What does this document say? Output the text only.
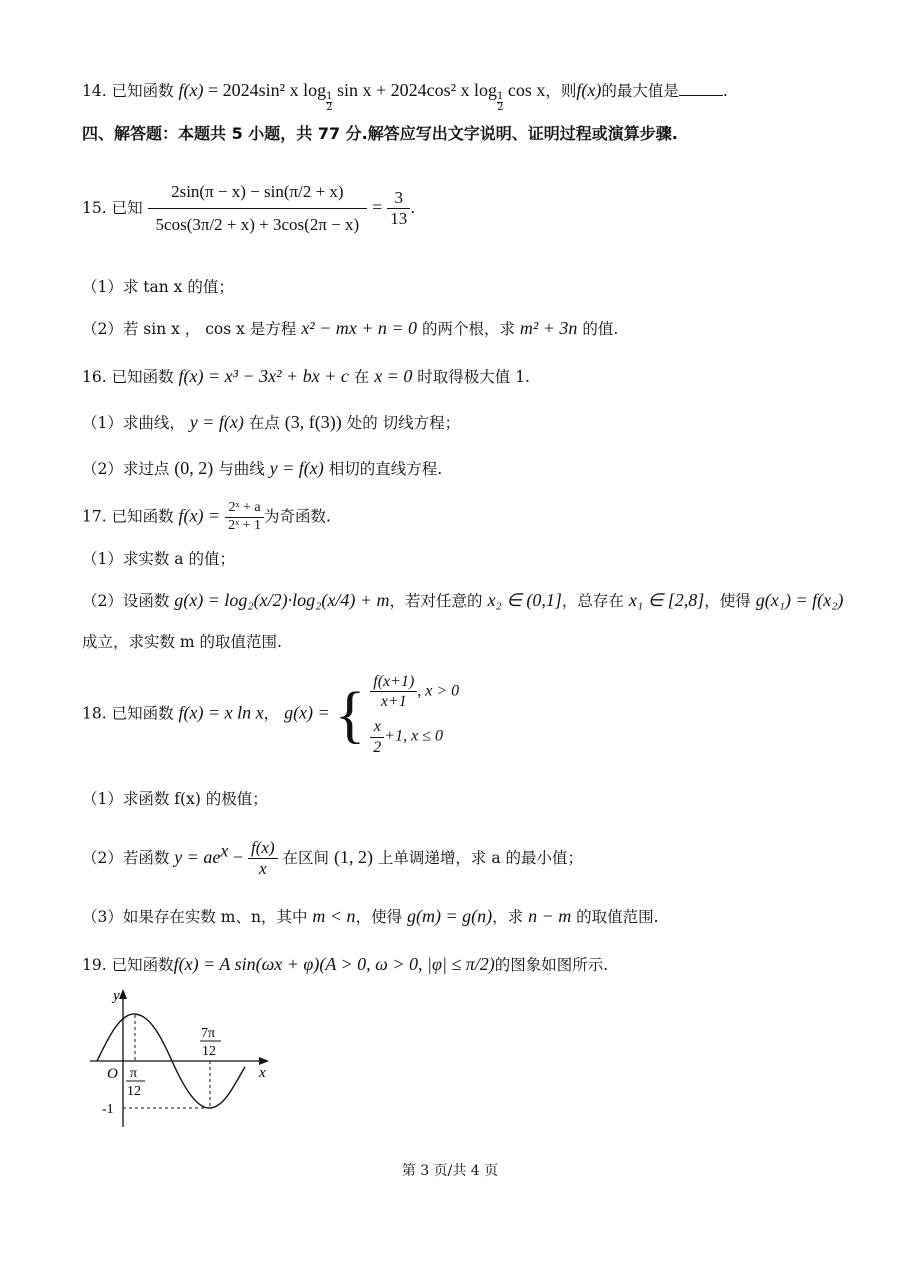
14. 已知函数 f(x) = 2024sin² x log
$\frac{1}{2}$
sin x + 2024cos² x log
$\frac{1}{2}$
cos x，则f(x)的最大值是	.
四、解答题：本题共 5 小题，共 77 分.解答应写出文字说明、证明过程或演算步骤.
15. 已知 $\frac{2\sin(\pi - x) - \sin(\pi/2 + x)}{5\cos(3\pi/2 + x) + 3\cos(2\pi - x)} = \frac{3}{13}$ .
（1）求 tan x 的值；
（2）若 sin x ， cos x 是方程 x² − mx + n = 0 的两个根，求 m² + 3n 的值.
16. 已知函数 f(x) = x³ − 3x² + bx + c 在 x = 0 时取得极大值 1.
（1）求曲线， y = f(x) 在点 (3, f(3)) 处的 切线方程；
（2）求过点 (0, 2) 与曲线 y = f(x) 相切的直线方程.
17. 已知函数 $f(x) = \frac{\text{2ˣ + a}}{\text{2ˣ + 1}}$ 为奇函数.
（1）求实数 a 的值；
（2）设函数 g(x) = log₂(x/2)·log₂(x/4) + m，若对任意的 x₂ ∈ (0,1]，总存在 x₁ ∈ [2,8]，使得 g(x₁) = f(x₂)
成立，求实数 m 的取值范围.
18. 已知函数 f(x) = x ln x， g(x) = { $\frac{f(x+1)}{x+1}$ , x > 0
$\frac{x}{2} +1$, x ≤ 0
（1）求函数 f(x) 的极值；
（2）若函数 $y = ae^x - \frac{f(x)}{x}$ 在区间 (1, 2) 上单调递增，求 a 的最小值；
（3）如果存在实数 m、n，其中 m < n，使得 g(m) = g(n)，求 n − m 的取值范围.
19. 已知函数f(x) = A sin(ωx + φ)(A > 0, ω > 0, |φ| ≤ π/2)的图象如图所示.
y
x
O π
12
7π
12
-1
第 3 页/共 4 页
